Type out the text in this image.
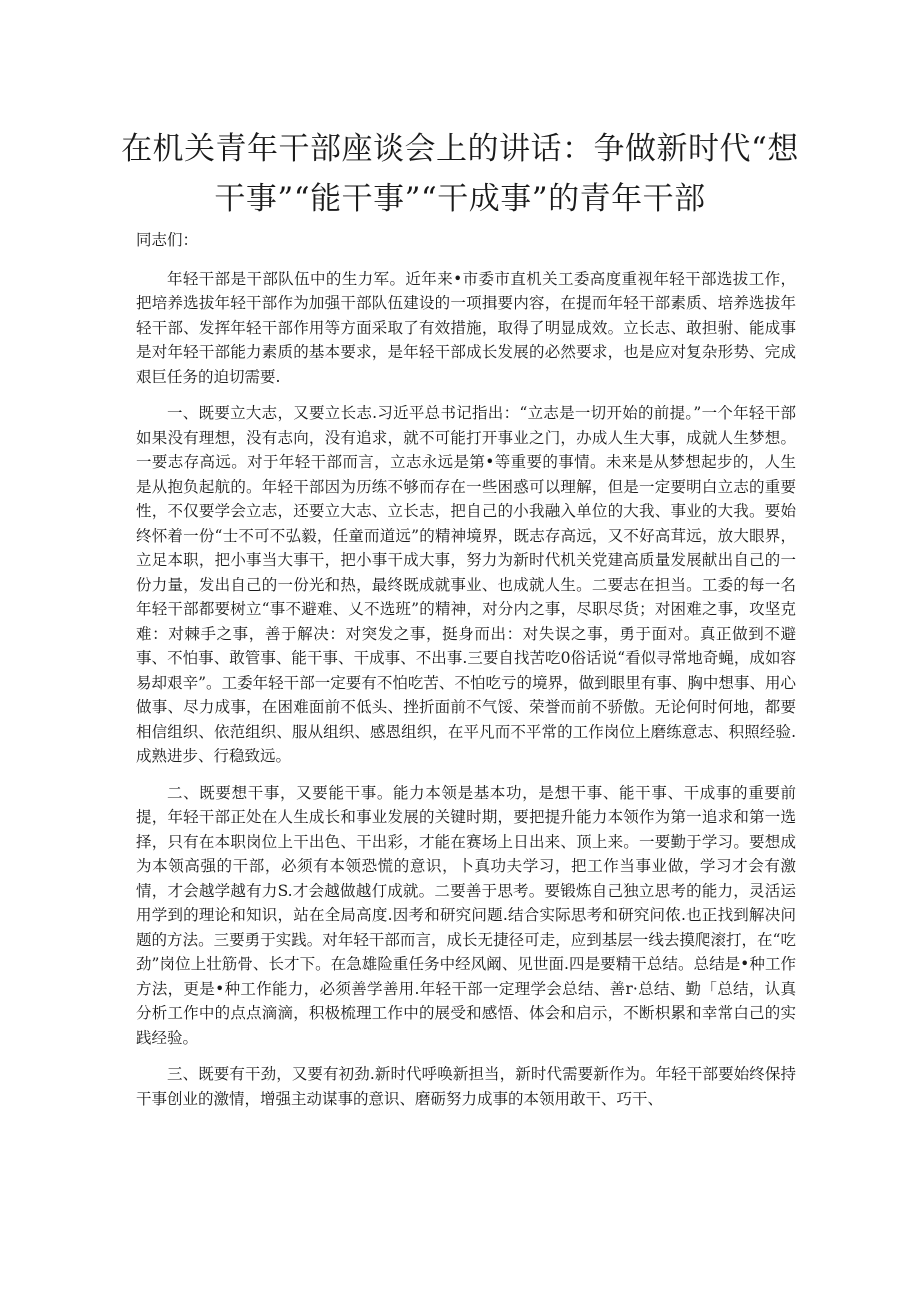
在机关青年干部座谈会上的讲话：争做新时代“想干事”“能干事”“干成事”的青年干部

同志们：

年轻干部是干部队伍中的生力军。近年来•市委市直机关工委高度重视年轻干部选拔工作，把培养选拔年轻干部作为加强干部队伍建设的一项揖要内容，在提而年轻干部素质、培养选拔年轻干部、发挥年轻干部作用等方面采取了有效措施，取得了明显成效。立长志、敢担驸、能成事是对年轻干部能力素质的基本要求，是年轻干部成长发展的必然要求，也是应对复杂形势、完成艰巨任务的迫切需要.

一、既要立大志，又要立长志.习近平总书记指出：“立志是一切开始的前提。”一个年轻干部如果没有理想，没有志向，没有追求，就不可能打开事业之门，办成人生大事，成就人生梦想。一要志存高远。对于年轻干部而言，立志永远是第•等重要的事情。未来是从梦想起步的，人生是从抱负起航的。年轻干部因为历练不够而存在一些困惑可以理解，但是一定要明白立志的重要性，不仅要学会立志，还要立大志、立长志，把自己的小我融入单位的大我、事业的大我。要始终怀着一份“士不可不弘毅，任童而道远”的精神境界，既志存高远，又不好高茸远，放大眼界，立足本职，把小事当大事干，把小事干成大事，努力为新时代机关党建高质量发展献出自己的一份力量，发出自己的一份光和热，最终既成就事业、也成就人生。二要志在担当。工委的每一名年轻干部都要树立“事不避难、乂不选班”的精神，对分内之事，尽职尽货；对困难之事，攻坚克难：对棘手之事，善于解决：对突发之事，挺身而出：对失误之事，勇于面对。真正做到不避事、不怕事、敢管事、能干事、干成事、不出事.三要自找苦吃0俗话说“看似寻常地奇蝇，成如容易却艰辛”。工委年轻干部一定要有不怕吃苦、不怕吃亏的境界，做到眼里有事、胸中想事、用心做事、尽力成事，在困难面前不低头、挫折面前不气馁、荣誉而前不骄傲。无论何时何地，都要相信组织、依范组织、服从组织、感恩组织，在平凡而不平常的工作岗位上磨练意志、积照经验.成熟进步、行稳致远。

二、既要想干事，又要能干事。能力本领是基本功，是想干事、能干事、干成事的重要前提，年轻干部正处在人生成长和事业发展的关键时期，要把提升能力本领作为第一追求和第一选择，只有在本职岗位上干出色、干出彩，才能在赛场上日出来、顶上来。一要勤于学习。要想成为本领高强的干部，必须有本领恐慌的意识，卜真功夫学习，把工作当事业做，学习才会有激情，才会越学越有力S.才会越做越仃成就。二要善于思考。要锻炼自己独立思考的能力，灵活运用学到的理论和知识，站在全局高度.因考和研究问题.结合实际思考和研究问侬.也正找到解决问题的方法。三要勇于实践。对年轻干部而言，成长无捷径可走，应到基层一线去摸爬滚打，在“吃劲”岗位上壮筋骨、长才下。在急雄险重任务中经风阚、见世面.四是要精干总结。总结是•种工作方法，更是•种工作能力，必须善学善用.年轻干部一定理学会总结、善r·总结、勤「总结，认真分析工作中的点点滴滴，积极梳理工作中的展受和感悟、体会和启示，不断枳累和幸常白己的实践经验。

三、既要有干劲，又要有初劲.新时代呼唤新担当，新时代需要新作为。年轻干部要始终保持干事创业的激情，增强主动谋事的意识、磨砺努力成事的本领用敢干、巧干、
